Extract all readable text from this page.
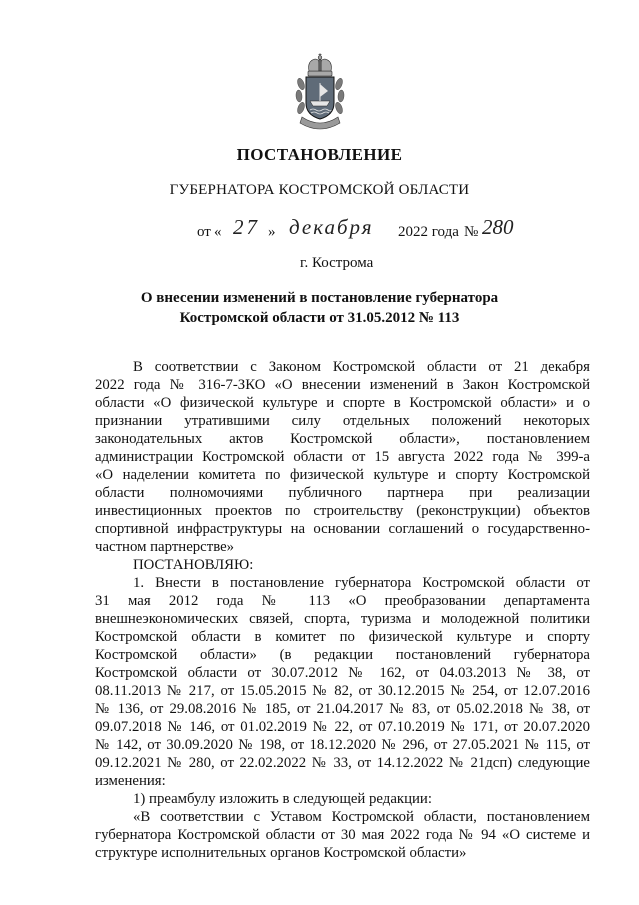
ПОСТАНОВЛЕНИЕ
ГУБЕРНАТОРА КОСТРОМСКОЙ ОБЛАСТИ
от « 27 » декабря 2022 года № 280
г. Кострома
О внесении изменений в постановление губернатора
Костромской области от 31.05.2012 № 113
В соответствии с Законом Костромской области от 21 декабря
2022 года № 316-7-ЗКО «О внесении изменений в Закон Костромской
области «О физической культуре и спорте в Костромской области» и о
признании утратившими силу отдельных положений некоторых
законодательных актов Костромской области», постановлением
администрации Костромской области от 15 августа 2022 года № 399-а
«О наделении комитета по физической культуре и спорту Костромской
области полномочиями публичного партнера при реализации
инвестиционных проектов по строительству (реконструкции) объектов
спортивной инфраструктуры на основании соглашений о государственно-
частном партнерстве»
ПОСТАНОВЛЯЮ:
1. Внести в постановление губернатора Костромской области от
31 мая 2012 года № 113 «О преобразовании департамента
внешнеэкономических связей, спорта, туризма и молодежной политики
Костромской области в комитет по физической культуре и спорту
Костромской области» (в редакции постановлений губернатора
Костромской области от 30.07.2012 № 162, от 04.03.2013 № 38, от
08.11.2013 № 217, от 15.05.2015 № 82, от 30.12.2015 № 254, от 12.07.2016
№ 136, от 29.08.2016 № 185, от 21.04.2017 № 83, от 05.02.2018 № 38, от
09.07.2018 № 146, от 01.02.2019 № 22, от 07.10.2019 № 171, от 20.07.2020
№ 142, от 30.09.2020 № 198, от 18.12.2020 № 296, от 27.05.2021 № 115, от
09.12.2021 № 280, от 22.02.2022 № 33, от 14.12.2022 № 21дсп) следующие
изменения:
1) преамбулу изложить в следующей редакции:
«В соответствии с Уставом Костромской области, постановлением
губернатора Костромской области от 30 мая 2022 года № 94 «О системе и
структуре исполнительных органов Костромской области»
